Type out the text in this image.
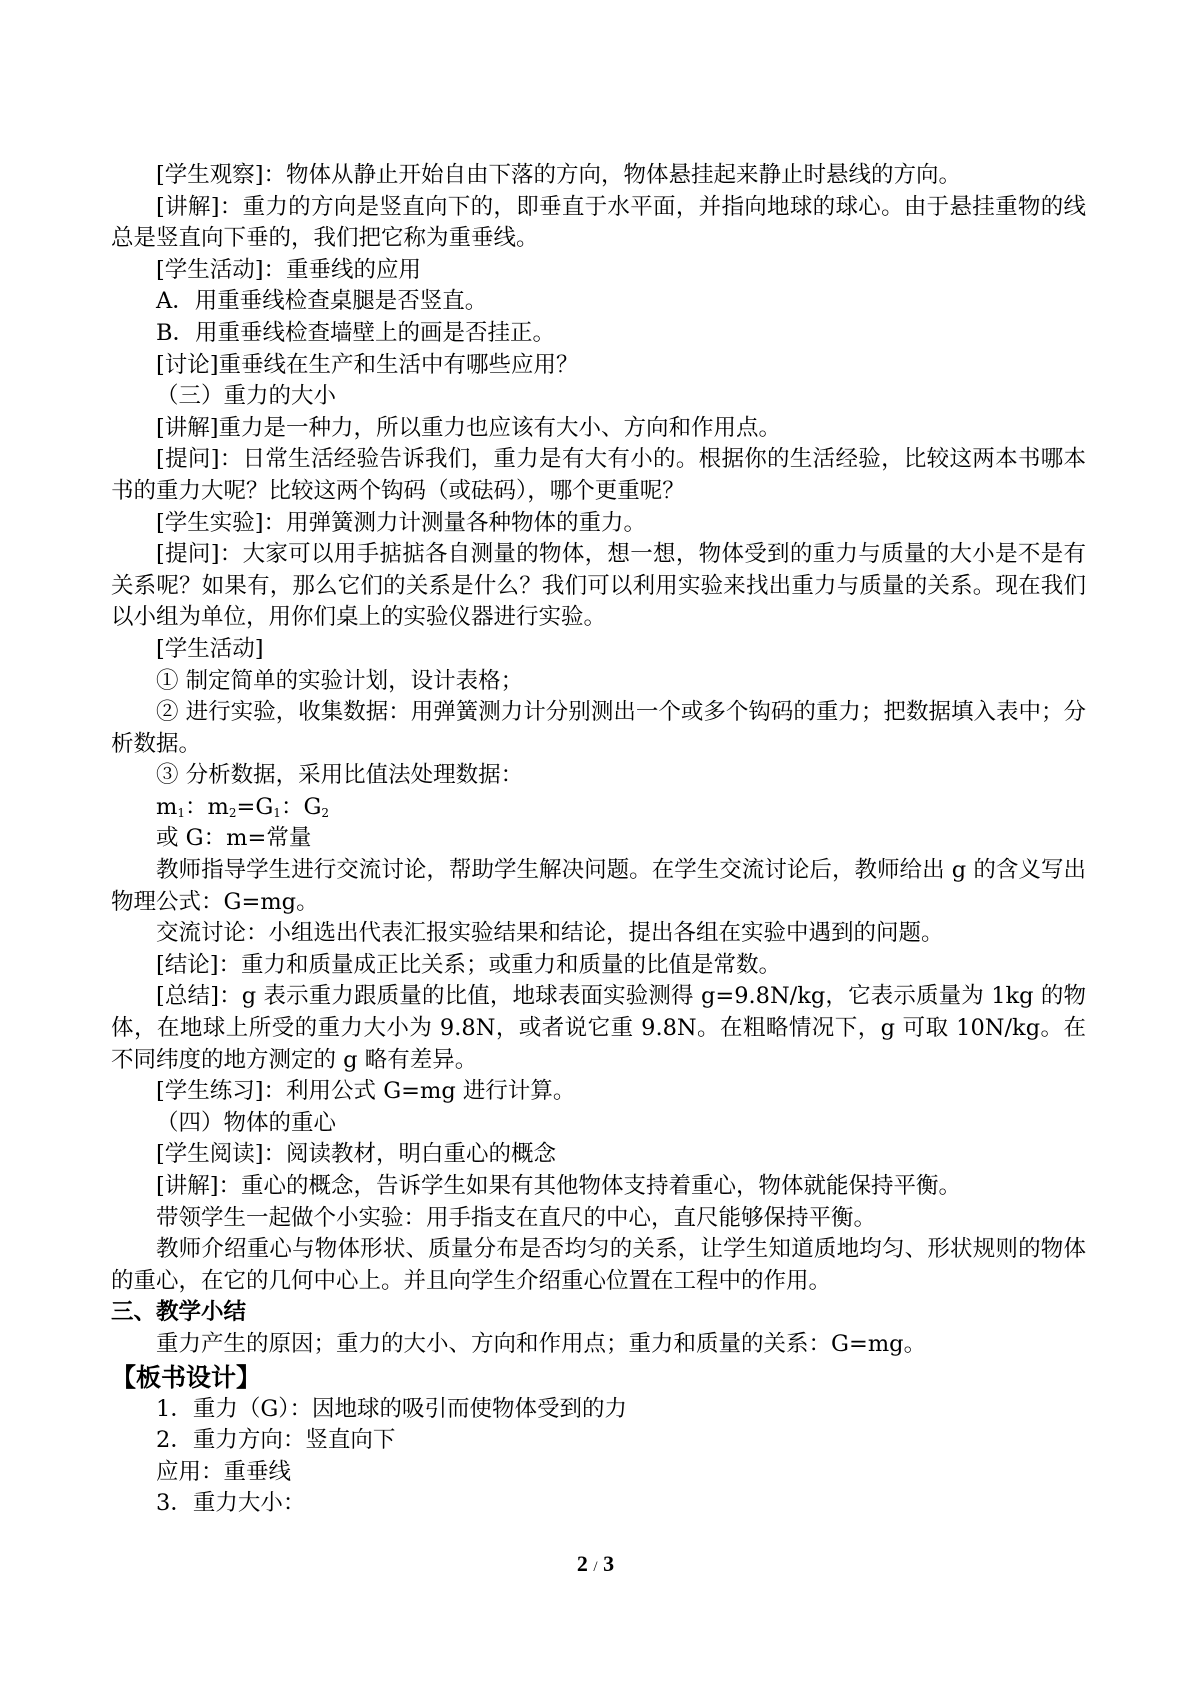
[学生观察]：物体从静止开始自由下落的方向，物体悬挂起来静止时悬线的方向。

[讲解]：重力的方向是竖直向下的，即垂直于水平面，并指向地球的球心。由于悬挂重物的线总是竖直向下垂的，我们把它称为重垂线。

[学生活动]：重垂线的应用

A．用重垂线检查桌腿是否竖直。

B．用重垂线检查墙壁上的画是否挂正。

[讨论]重垂线在生产和生活中有哪些应用？

（三）重力的大小

[讲解]重力是一种力，所以重力也应该有大小、方向和作用点。

[提问]：日常生活经验告诉我们，重力是有大有小的。根据你的生活经验，比较这两本书哪本书的重力大呢？比较这两个钩码（或砝码），哪个更重呢？

[学生实验]：用弹簧测力计测量各种物体的重力。

[提问]：大家可以用手掂掂各自测量的物体，想一想，物体受到的重力与质量的大小是不是有关系呢？如果有，那么它们的关系是什么？我们可以利用实验来找出重力与质量的关系。现在我们以小组为单位，用你们桌上的实验仪器进行实验。

[学生活动]

① 制定简单的实验计划，设计表格；

② 进行实验，收集数据：用弹簧测力计分别测出一个或多个钩码的重力；把数据填入表中；分析数据。

③ 分析数据，采用比值法处理数据：

$m_1$：$m_2=G_1$：$G_2$

或 G：m=常量

教师指导学生进行交流讨论，帮助学生解决问题。在学生交流讨论后，教师给出 g 的含义写出物理公式：G=mg。

交流讨论：小组选出代表汇报实验结果和结论，提出各组在实验中遇到的问题。

[结论]：重力和质量成正比关系；或重力和质量的比值是常数。

[总结]：g 表示重力跟质量的比值，地球表面实验测得 g=9.8N/kg，它表示质量为 1kg 的物体，在地球上所受的重力大小为 9.8N，或者说它重 9.8N。在粗略情况下，g 可取 10N/kg。在不同纬度的地方测定的 g 略有差异。

[学生练习]：利用公式 G=mg 进行计算。

（四）物体的重心

[学生阅读]：阅读教材，明白重心的概念

[讲解]：重心的概念，告诉学生如果有其他物体支持着重心，物体就能保持平衡。

带领学生一起做个小实验：用手指支在直尺的中心，直尺能够保持平衡。

教师介绍重心与物体形状、质量分布是否均匀的关系，让学生知道质地均匀、形状规则的物体的重心，在它的几何中心上。并且向学生介绍重心位置在工程中的作用。

三、教学小结

重力产生的原因；重力的大小、方向和作用点；重力和质量的关系：G=mg。

【板书设计】

1．重力（G）：因地球的吸引而使物体受到的力

2．重力方向：竖直向下

应用：重垂线

3．重力大小：

2 / 3
